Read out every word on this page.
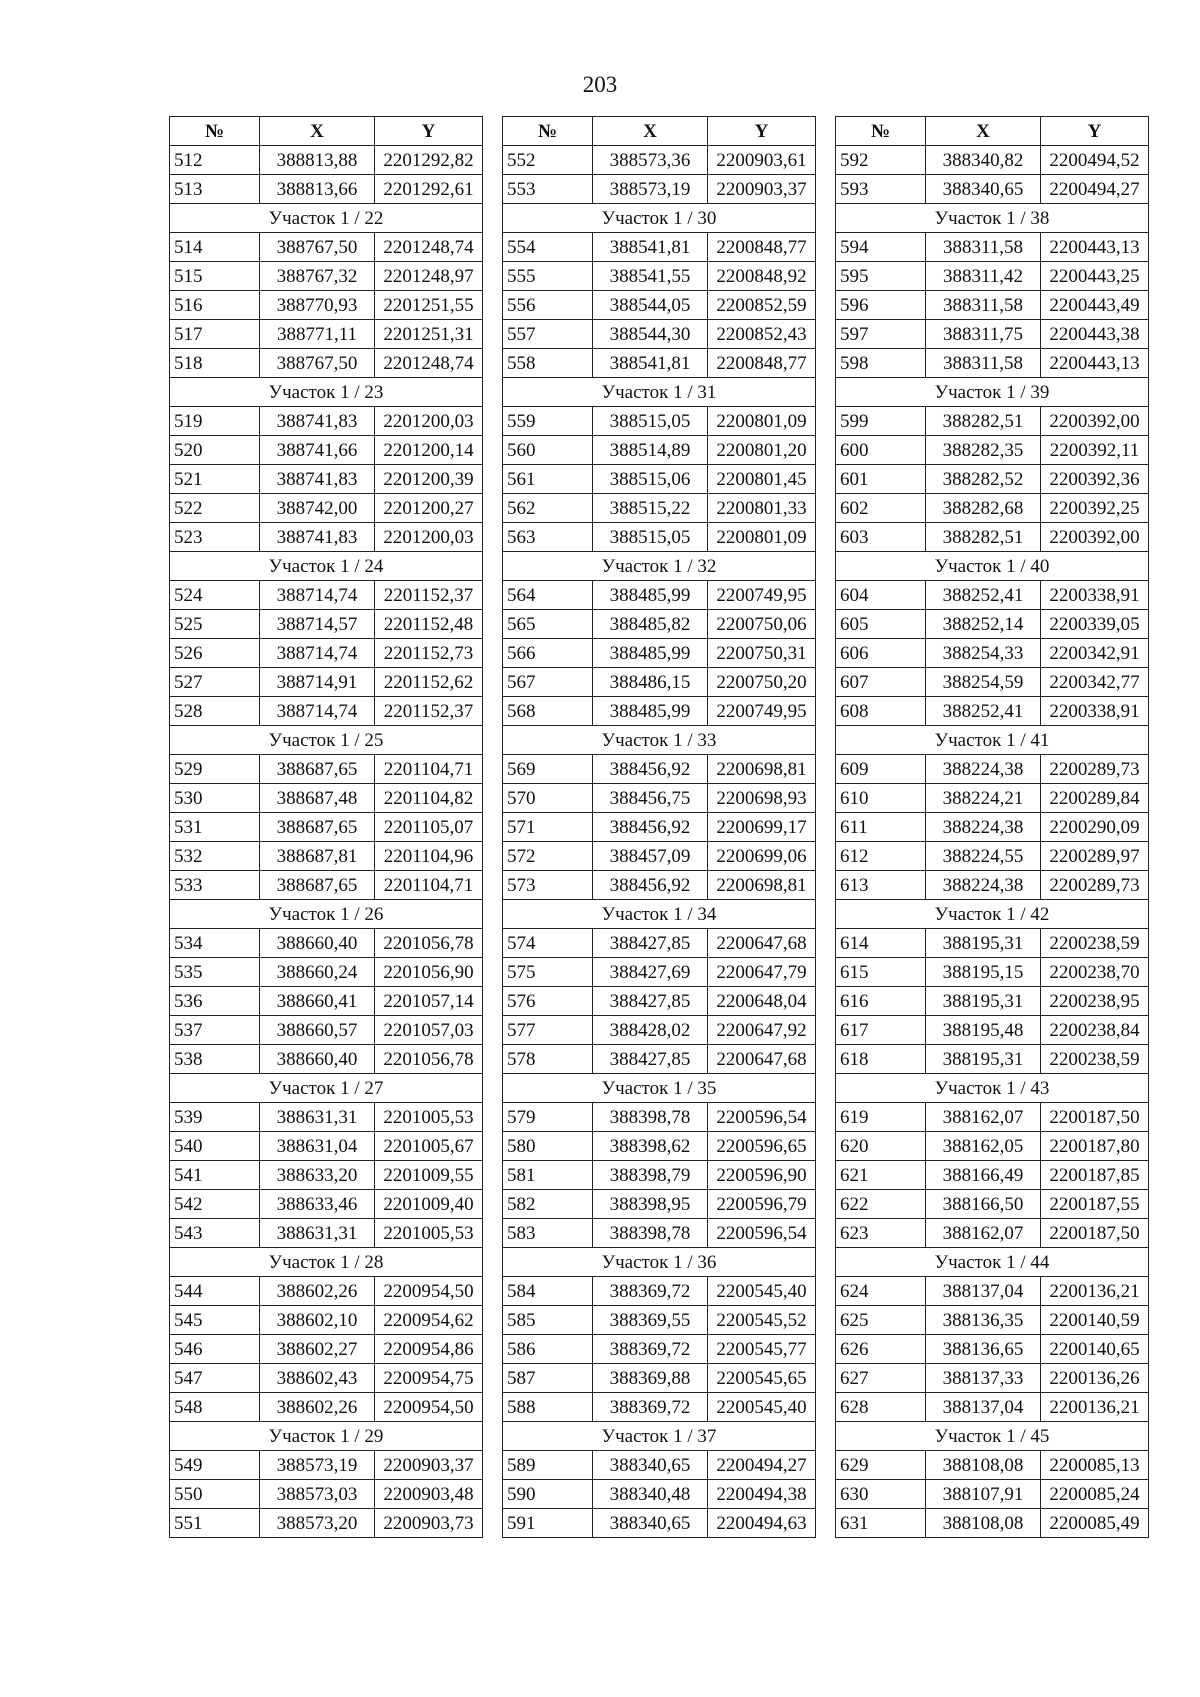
203
№	X	Y
512	388813,88	2201292,82
513	388813,66	2201292,61
Участок 1 / 22		
514	388767,50	2201248,74
515	388767,32	2201248,97
516	388770,93	2201251,55
517	388771,11	2201251,31
518	388767,50	2201248,74
Участок 1 / 23		
519	388741,83	2201200,03
520	388741,66	2201200,14
521	388741,83	2201200,39
522	388742,00	2201200,27
523	388741,83	2201200,03
Участок 1 / 24		
524	388714,74	2201152,37
525	388714,57	2201152,48
526	388714,74	2201152,73
527	388714,91	2201152,62
528	388714,74	2201152,37
Участок 1 / 25		
529	388687,65	2201104,71
530	388687,48	2201104,82
531	388687,65	2201105,07
532	388687,81	2201104,96
533	388687,65	2201104,71
Участок 1 / 26		
534	388660,40	2201056,78
535	388660,24	2201056,90
536	388660,41	2201057,14
537	388660,57	2201057,03
538	388660,40	2201056,78
Участок 1 / 27		
539	388631,31	2201005,53
540	388631,04	2201005,67
541	388633,20	2201009,55
542	388633,46	2201009,40
543	388631,31	2201005,53
Участок 1 / 28		
544	388602,26	2200954,50
545	388602,10	2200954,62
546	388602,27	2200954,86
547	388602,43	2200954,75
548	388602,26	2200954,50
Участок 1 / 29		
549	388573,19	2200903,37
550	388573,03	2200903,48
551	388573,20	2200903,73
№	X	Y
552	388573,36	2200903,61
553	388573,19	2200903,37
Участок 1 / 30		
554	388541,81	2200848,77
555	388541,55	2200848,92
556	388544,05	2200852,59
557	388544,30	2200852,43
558	388541,81	2200848,77
Участок 1 / 31		
559	388515,05	2200801,09
560	388514,89	2200801,20
561	388515,06	2200801,45
562	388515,22	2200801,33
563	388515,05	2200801,09
Участок 1 / 32		
564	388485,99	2200749,95
565	388485,82	2200750,06
566	388485,99	2200750,31
567	388486,15	2200750,20
568	388485,99	2200749,95
Участок 1 / 33		
569	388456,92	2200698,81
570	388456,75	2200698,93
571	388456,92	2200699,17
572	388457,09	2200699,06
573	388456,92	2200698,81
Участок 1 / 34		
574	388427,85	2200647,68
575	388427,69	2200647,79
576	388427,85	2200648,04
577	388428,02	2200647,92
578	388427,85	2200647,68
Участок 1 / 35		
579	388398,78	2200596,54
580	388398,62	2200596,65
581	388398,79	2200596,90
582	388398,95	2200596,79
583	388398,78	2200596,54
Участок 1 / 36		
584	388369,72	2200545,40
585	388369,55	2200545,52
586	388369,72	2200545,77
587	388369,88	2200545,65
588	388369,72	2200545,40
Участок 1 / 37		
589	388340,65	2200494,27
590	388340,48	2200494,38
591	388340,65	2200494,63
№	X	Y
592	388340,82	2200494,52
593	388340,65	2200494,27
Участок 1 / 38		
594	388311,58	2200443,13
595	388311,42	2200443,25
596	388311,58	2200443,49
597	388311,75	2200443,38
598	388311,58	2200443,13
Участок 1 / 39		
599	388282,51	2200392,00
600	388282,35	2200392,11
601	388282,52	2200392,36
602	388282,68	2200392,25
603	388282,51	2200392,00
Участок 1 / 40		
604	388252,41	2200338,91
605	388252,14	2200339,05
606	388254,33	2200342,91
607	388254,59	2200342,77
608	388252,41	2200338,91
Участок 1 / 41		
609	388224,38	2200289,73
610	388224,21	2200289,84
611	388224,38	2200290,09
612	388224,55	2200289,97
613	388224,38	2200289,73
Участок 1 / 42		
614	388195,31	2200238,59
615	388195,15	2200238,70
616	388195,31	2200238,95
617	388195,48	2200238,84
618	388195,31	2200238,59
Участок 1 / 43		
619	388162,07	2200187,50
620	388162,05	2200187,80
621	388166,49	2200187,85
622	388166,50	2200187,55
623	388162,07	2200187,50
Участок 1 / 44		
624	388137,04	2200136,21
625	388136,35	2200140,59
626	388136,65	2200140,65
627	388137,33	2200136,26
628	388137,04	2200136,21
Участок 1 / 45		
629	388108,08	2200085,13
630	388107,91	2200085,24
631	388108,08	2200085,49
